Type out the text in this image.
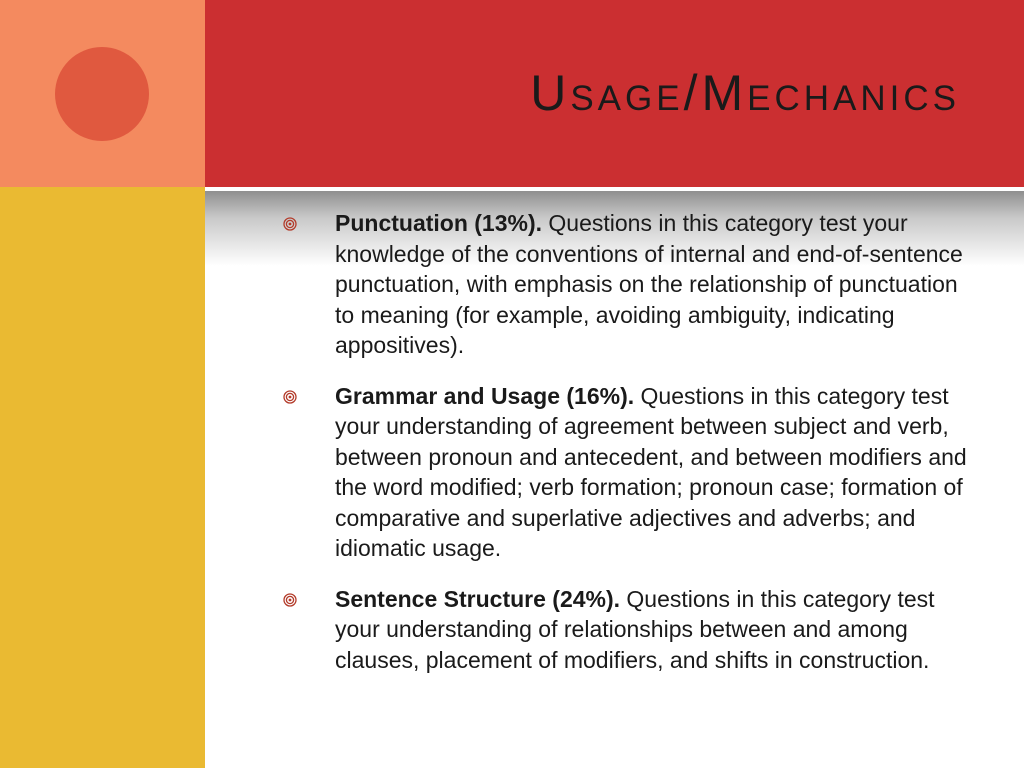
Usage/Mechanics
Punctuation (13%). Questions in this category test your knowledge of the conventions of internal and end-of-sentence punctuation, with emphasis on the relationship of punctuation to meaning (for example, avoiding ambiguity, indicating appositives).
Grammar and Usage (16%). Questions in this category test your understanding of agreement between subject and verb, between pronoun and antecedent, and between modifiers and the word modified; verb formation; pronoun case; formation of comparative and superlative adjectives and adverbs; and idiomatic usage.
Sentence Structure (24%). Questions in this category test your understanding of relationships between and among clauses, placement of modifiers, and shifts in construction.
